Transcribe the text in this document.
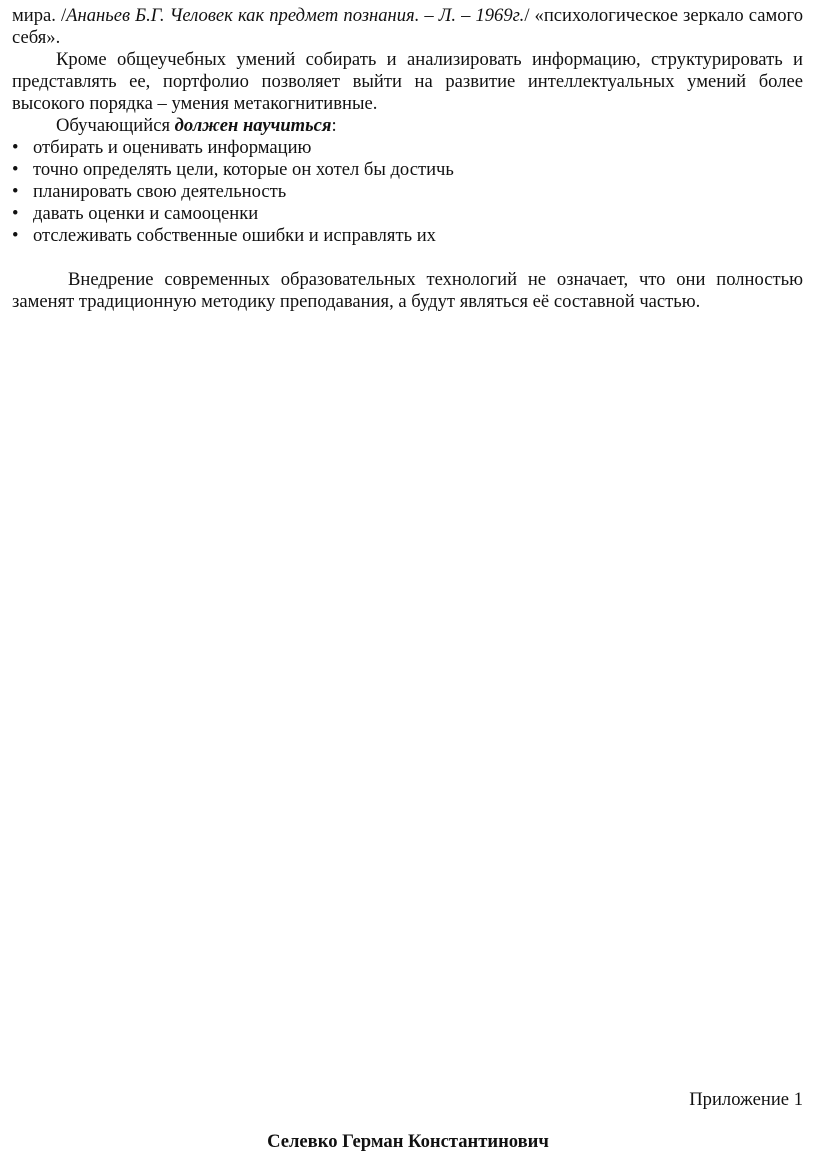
мира. /Ананьев Б.Г. Человек как предмет познания. – Л. – 1969г./ «психологическое зеркало самого себя».

Кроме общеучебных умений собирать и анализировать информацию, структурировать и представлять ее, портфолио позволяет выйти на развитие интеллектуальных умений более высокого порядка – умения метакогнитивные.

Обучающийся должен научиться:

• отбирать и оценивать информацию
• точно определять цели, которые он хотел бы достичь
• планировать свою деятельность
• давать оценки и самооценки
• отслеживать собственные ошибки и исправлять их

Внедрение современных образовательных технологий не означает, что они полностью заменят традиционную методику преподавания, а будут являться её составной частью.

Приложение 1
Селевко Герман Константинович
